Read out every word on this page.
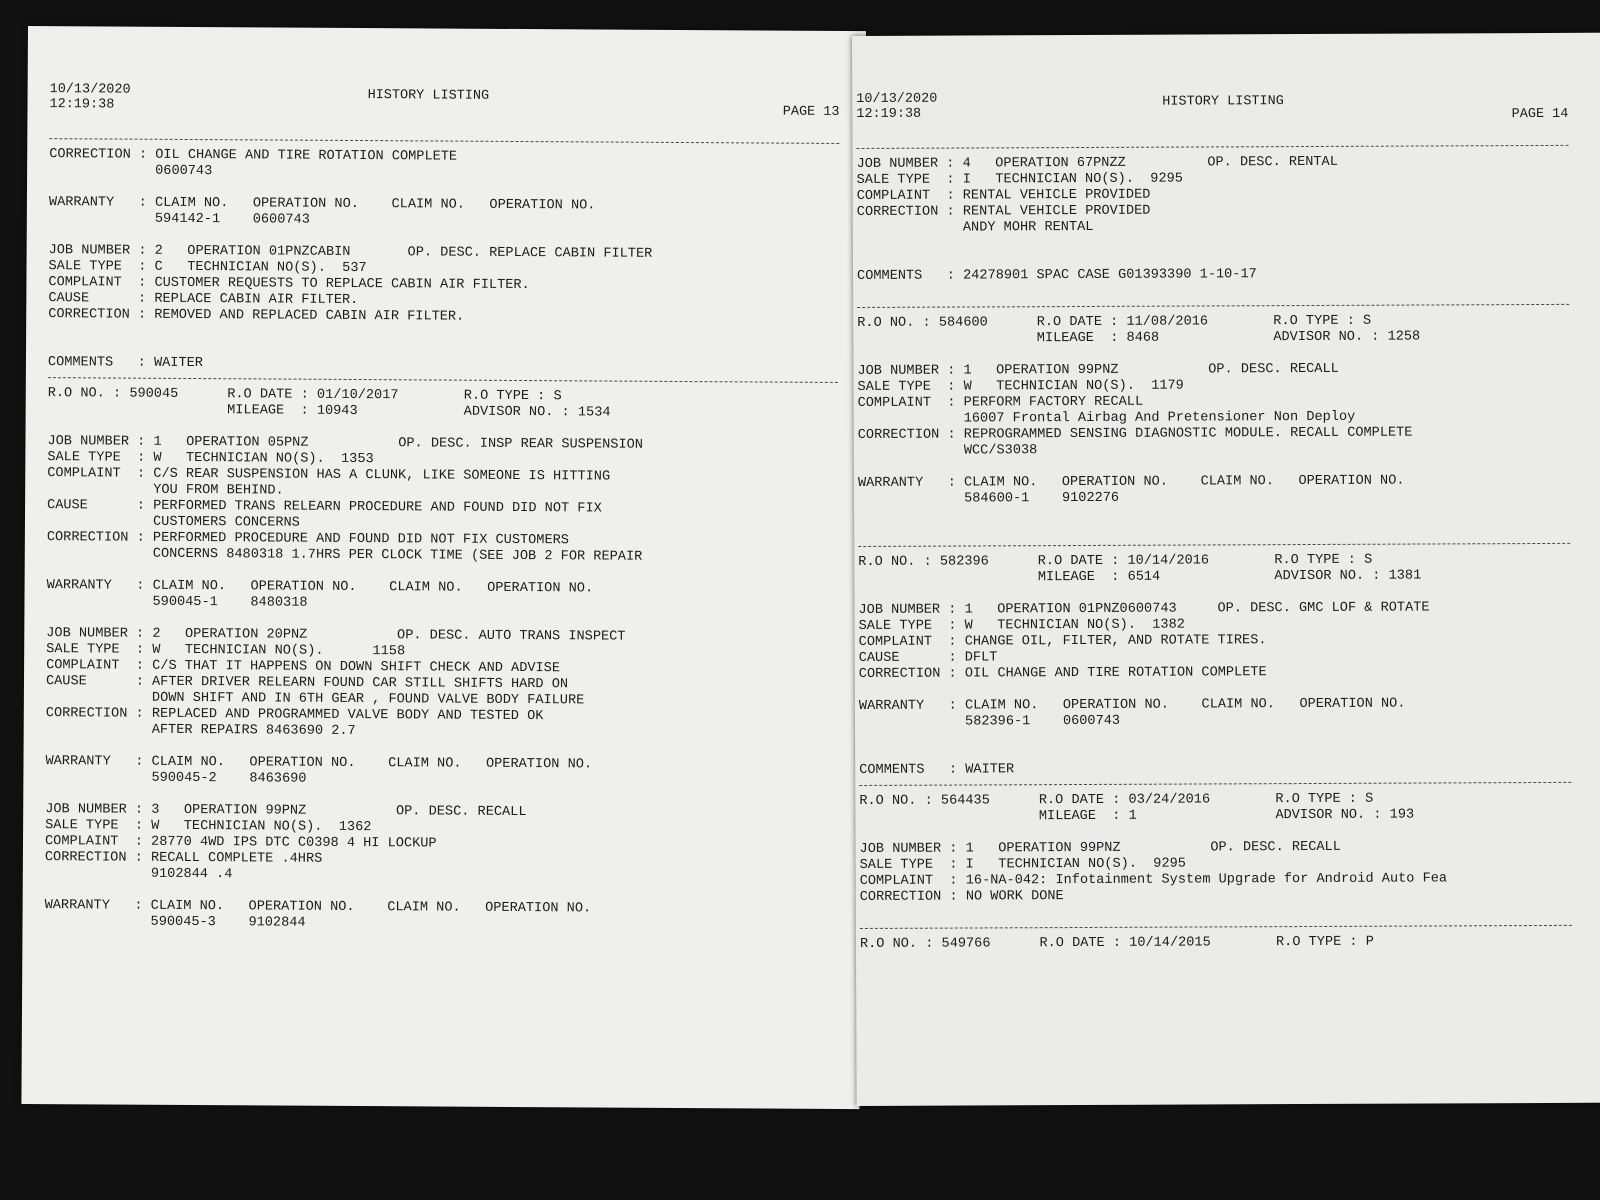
10/13/2020
12:19:38
HISTORY LISTING
PAGE 13
CORRECTION : OIL CHANGE AND TIRE ROTATION COMPLETE
0600743
WARRANTY   : CLAIM NO.   OPERATION NO.    CLAIM NO.   OPERATION NO.
594142-1    0600743
JOB NUMBER : 2   OPERATION 01PNZCABIN       OP. DESC. REPLACE CABIN FILTER
SALE TYPE  : C   TECHNICIAN NO(S).  537
COMPLAINT  : CUSTOMER REQUESTS TO REPLACE CABIN AIR FILTER.
CAUSE      : REPLACE CABIN AIR FILTER.
CORRECTION : REMOVED AND REPLACED CABIN AIR FILTER.
COMMENTS   : WAITER
R.O NO. : 590045      R.O DATE : 01/10/2017        R.O TYPE : S
MILEAGE  : 10943             ADVISOR NO. : 1534
JOB NUMBER : 1   OPERATION 05PNZ           OP. DESC. INSP REAR SUSPENSION
SALE TYPE  : W   TECHNICIAN NO(S).  1353
COMPLAINT  : C/S REAR SUSPENSION HAS A CLUNK, LIKE SOMEONE IS HITTING
YOU FROM BEHIND.
CAUSE      : PERFORMED TRANS RELEARN PROCEDURE AND FOUND DID NOT FIX
CUSTOMERS CONCERNS
CORRECTION : PERFORMED PROCEDURE AND FOUND DID NOT FIX CUSTOMERS
CONCERNS 8480318 1.7HRS PER CLOCK TIME (SEE JOB 2 FOR REPAIR
WARRANTY   : CLAIM NO.   OPERATION NO.    CLAIM NO.   OPERATION NO.
590045-1    8480318
JOB NUMBER : 2   OPERATION 20PNZ           OP. DESC. AUTO TRANS INSPECT
SALE TYPE  : W   TECHNICIAN NO(S).      1158
COMPLAINT  : C/S THAT IT HAPPENS ON DOWN SHIFT CHECK AND ADVISE
CAUSE      : AFTER DRIVER RELEARN FOUND CAR STILL SHIFTS HARD ON
DOWN SHIFT AND IN 6TH GEAR , FOUND VALVE BODY FAILURE
CORRECTION : REPLACED AND PROGRAMMED VALVE BODY AND TESTED OK
AFTER REPAIRS 8463690 2.7
WARRANTY   : CLAIM NO.   OPERATION NO.    CLAIM NO.   OPERATION NO.
590045-2    8463690
JOB NUMBER : 3   OPERATION 99PNZ           OP. DESC. RECALL
SALE TYPE  : W   TECHNICIAN NO(S).  1362
COMPLAINT  : 28770 4WD IPS DTC C0398 4 HI LOCKUP
CORRECTION : RECALL COMPLETE .4HRS
9102844 .4
WARRANTY   : CLAIM NO.   OPERATION NO.    CLAIM NO.   OPERATION NO.
590045-3    9102844
10/13/2020
12:19:38
HISTORY LISTING
PAGE 14
JOB NUMBER : 4   OPERATION 67PNZZ          OP. DESC. RENTAL
SALE TYPE  : I   TECHNICIAN NO(S).  9295
COMPLAINT  : RENTAL VEHICLE PROVIDED
CORRECTION : RENTAL VEHICLE PROVIDED
ANDY MOHR RENTAL
COMMENTS   : 24278901 SPAC CASE G01393390 1-10-17
R.O NO. : 584600      R.O DATE : 11/08/2016        R.O TYPE : S
MILEAGE  : 8468              ADVISOR NO. : 1258
JOB NUMBER : 1   OPERATION 99PNZ           OP. DESC. RECALL
SALE TYPE  : W   TECHNICIAN NO(S).  1179
COMPLAINT  : PERFORM FACTORY RECALL
16007 Frontal Airbag And Pretensioner Non Deploy
CORRECTION : REPROGRAMMED SENSING DIAGNOSTIC MODULE. RECALL COMPLETE
WCC/S3038
WARRANTY   : CLAIM NO.   OPERATION NO.    CLAIM NO.   OPERATION NO.
584600-1    9102276
R.O NO. : 582396      R.O DATE : 10/14/2016        R.O TYPE : S
MILEAGE  : 6514              ADVISOR NO. : 1381
JOB NUMBER : 1   OPERATION 01PNZ0600743     OP. DESC. GMC LOF & ROTATE
SALE TYPE  : W   TECHNICIAN NO(S).  1382
COMPLAINT  : CHANGE OIL, FILTER, AND ROTATE TIRES.
CAUSE      : DFLT
CORRECTION : OIL CHANGE AND TIRE ROTATION COMPLETE
WARRANTY   : CLAIM NO.   OPERATION NO.    CLAIM NO.   OPERATION NO.
582396-1    0600743
COMMENTS   : WAITER
R.O NO. : 564435      R.O DATE : 03/24/2016        R.O TYPE : S
MILEAGE  : 1                 ADVISOR NO. : 193
JOB NUMBER : 1   OPERATION 99PNZ           OP. DESC. RECALL
SALE TYPE  : I   TECHNICIAN NO(S).  9295
COMPLAINT  : 16-NA-042: Infotainment System Upgrade for Android Auto Fea
CORRECTION : NO WORK DONE
R.O NO. : 549766      R.O DATE : 10/14/2015        R.O TYPE : P
